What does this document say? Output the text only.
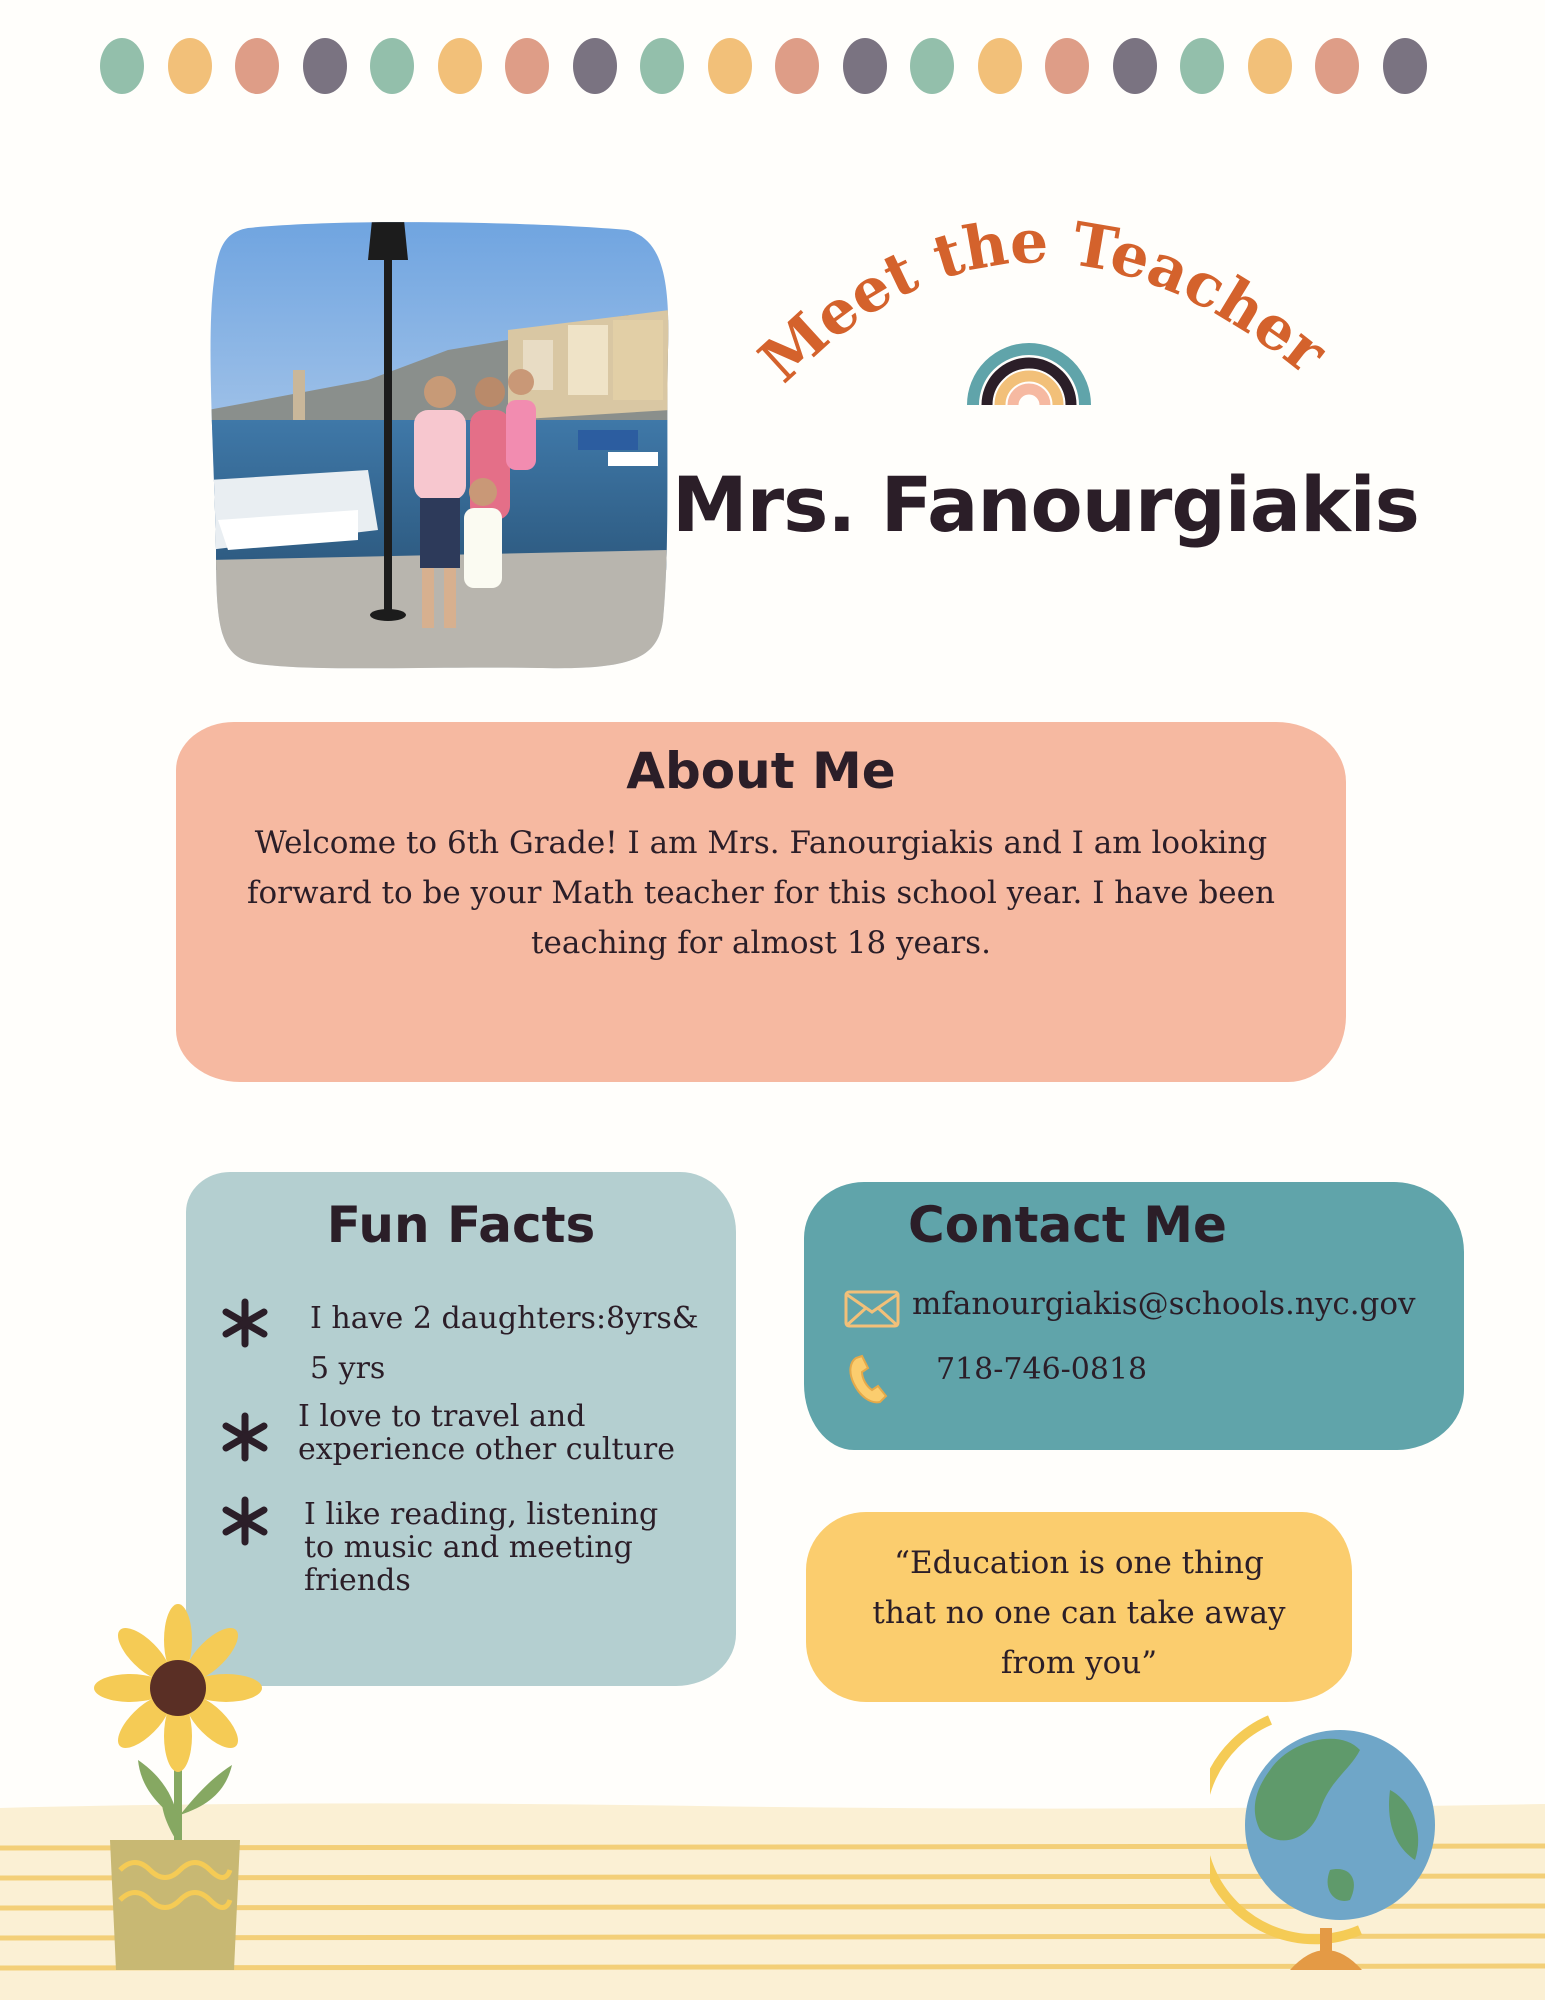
Meet the Teacher
Mrs. Fanourgiakis
About Me
Welcome to 6th Grade! I am Mrs. Fanourgiakis and I am looking
forward to be your Math teacher for this school year. I have been
teaching for almost 18 years.
Fun Facts
I have 2 daughters:8yrs&
5 yrs
I love to travel and
experience other culture
I like reading, listening
to music and meeting
friends
Contact Me
mfanourgiakis@schools.nyc.gov
718-746-0818
“Education is one thing
that no one can take away
from you”
